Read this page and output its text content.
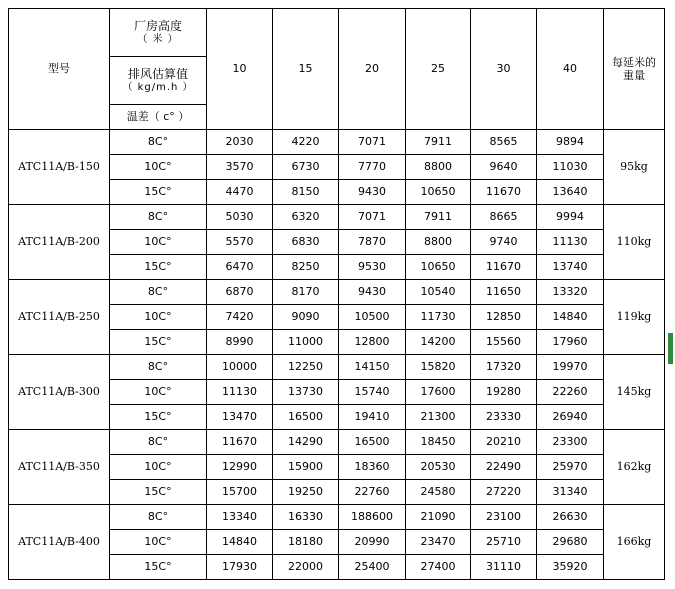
型号	厂房高度
（ 米 ）	10	15	20	25	30	40	每延米的
重量

	排风估算值
（ kg/m.h ）							

	温差（ c° ）							
ATC11A/B-150	8C°	2030	4220	7071	7911	8565	9894	95kg
	10C°	3570	6730	7770	8800	9640	11030	
	15C°	4470	8150	9430	10650	11670	13640	
ATC11A/B-200	8C°	5030	6320	7071	7911	8665	9994	110kg
	10C°	5570	6830	7870	8800	9740	11130	
	15C°	6470	8250	9530	10650	11670	13740	
ATC11A/B-250	8C°	6870	8170	9430	10540	11650	13320	119kg
	10C°	7420	9090	10500	11730	12850	14840	
	15C°	8990	11000	12800	14200	15560	17960	
ATC11A/B-300	8C°	10000	12250	14150	15820	17320	19970	145kg
	10C°	11130	13730	15740	17600	19280	22260	
	15C°	13470	16500	19410	21300	23330	26940	
ATC11A/B-350	8C°	11670	14290	16500	18450	20210	23300	162kg
	10C°	12990	15900	18360	20530	22490	25970	
	15C°	15700	19250	22760	24580	27220	31340	
ATC11A/B-400	8C°	13340	16330	188600	21090	23100	26630	166kg
	10C°	14840	18180	20990	23470	25710	29680	
	15C°	17930	22000	25400	27400	31110	35920	
